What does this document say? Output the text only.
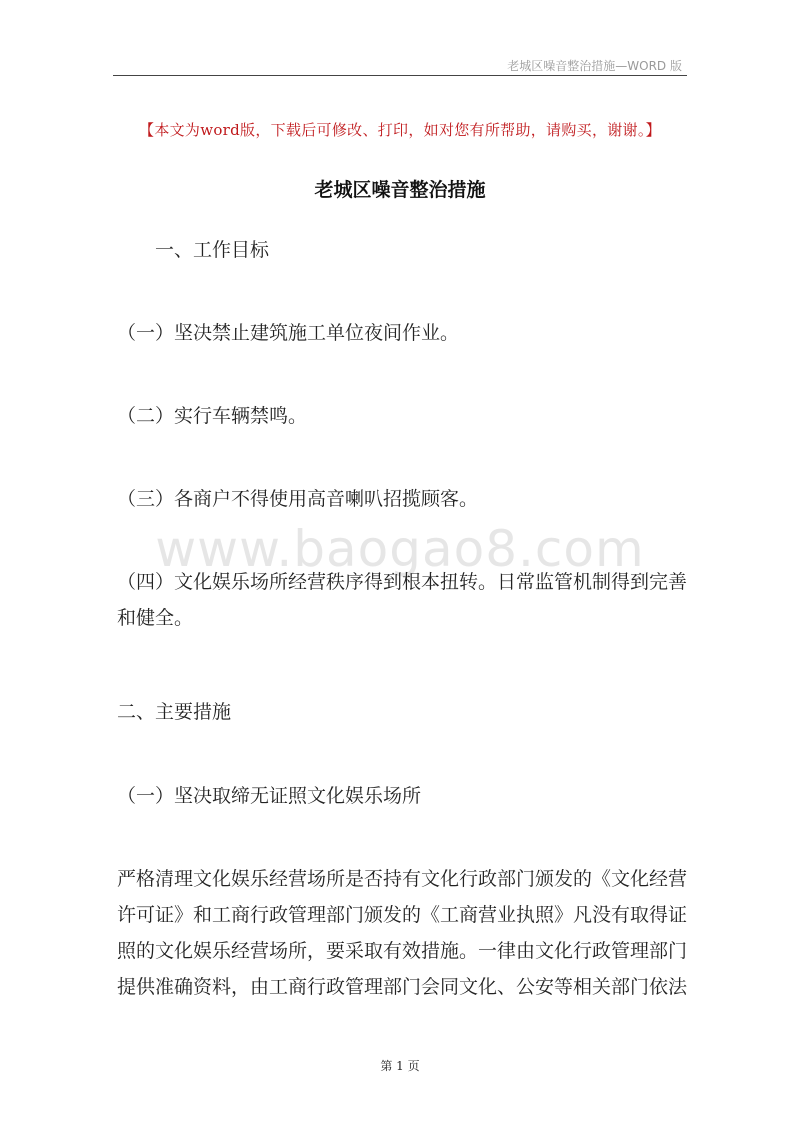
老城区噪音整治措施—WORD 版
【本文为word版，下载后可修改、打印，如对您有所帮助，请购买，谢谢。】
老城区噪音整治措施
一、工作目标
（一）坚决禁止建筑施工单位夜间作业。
（二）实行车辆禁鸣。
（三）各商户不得使用高音喇叭招揽顾客。
www.baogao8.com
（四）文化娱乐场所经营秩序得到根本扭转。日常监管机制得到完善和健全。
二、主要措施
（一）坚决取缔无证照文化娱乐场所
严格清理文化娱乐经营场所是否持有文化行政部门颁发的《文化经营许可证》和工商行政管理部门颁发的《工商营业执照》凡没有取得证照的文化娱乐经营场所，要采取有效措施。一律由文化行政管理部门提供准确资料，由工商行政管理部门会同文化、公安等相关部门依法
第 1 页
